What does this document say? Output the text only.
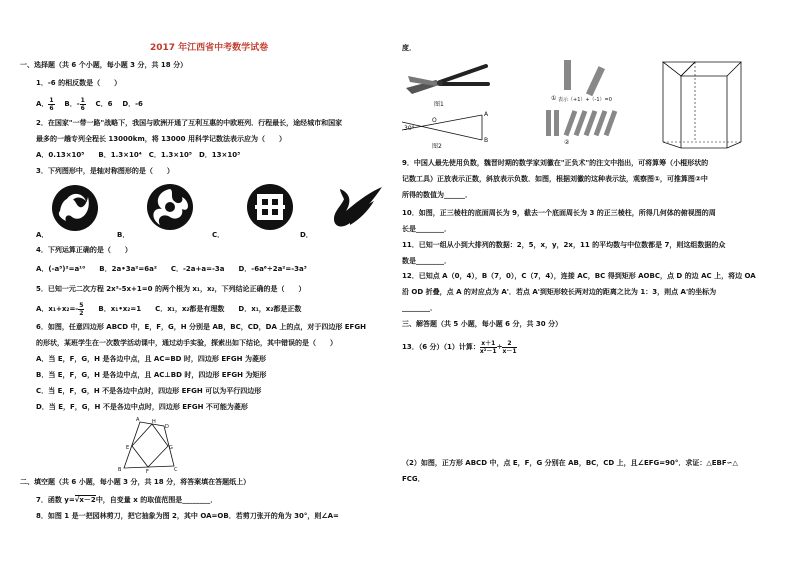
2017 年江西省中考数学试卷
一、选择题（共 6 个小题，每小题 3 分，共 18 分）
1．-6 的相反数是（　　）
A． $\frac{1}{6}$ B．- $\frac{1}{6}$ C．6 D．-6
2．在国家"一带一路"战略下，我国与欧洲开通了互利互惠的中欧班列．行程最长，途经城市和国家
最多的一趟专列全程长 13000km，将 13000 用科学记数法表示应为（　　）
A．0.13×10⁵　　B．1.3×10⁴　C．1.3×10⁵　D．13×10³
3．下列图形中，是轴对称图形的是（　　）
A．	B．	C．	D．
4．下列运算正确的是（　　）
A．(-a⁵)²=a¹⁰　　B．2a•3a²=6a²　　C．-2a+a=-3a　　D．-6a⁶÷2a²=-3a³
5．已知一元二次方程 2x²-5x+1=0 的两个根为 x₁，x₂，下列结论正确的是（　　）
A．$x_1+x_2=- \frac{5}{2}$ 　　B．x₁•x₂=1　　C．x₁，x₂都是有理数　　D．x₁，x₂都是正数
6．如图，任意四边形 ABCD 中，E，F，G，H 分别是 AB，BC，CD，DA 上的点，对于四边形 EFGH
的形状，某班学生在一次数学活动课中，通过动手实验，探索出如下结论，其中错误的是（　　）
A．当 E，F，G，H 是各边中点，且 AC=BD 时，四边形 EFGH 为菱形
B．当 E，F，G，H 是各边中点，且 AC⊥BD 时，四边形 EFGH 为矩形
C．当 E，F，G，H 不是各边中点时，四边形 EFGH 可以为平行四边形
D．当 E，F，G，H 不是各边中点时，四边形 EFGH 不可能为菱形
A	H
D
E	G
B	F	C
二、填空题（共 6 小题，每小题 3 分，共 18 分，将答案填在答题纸上）
7．函数 y=√x－2中，自变量 x 的取值范围是________．
8．如图 1 是一把园林剪刀，把它抽象为图 2，其中 OA=OB．若剪刀张开的角为 30°，则∠A=
度．
图1
30°
O
A
B
图2
① 表示（+1）+（-1）=0
②
9．中国人最先使用负数，魏晋时期的数学家刘徽在"正负术"的注文中指出，可将算筹（小棍形状的
记数工具）正放表示正数，斜放表示负数．如图，根据刘徽的这种表示法，观察图①，可推算图②中
所得的数值为______．
10．如图，正三棱柱的底面周长为 9，截去一个底面周长为 3 的正三棱柱，所得几何体的俯视图的周
长是________．
11．已知一组从小到大排列的数据：2，5，x，y，2x，11 的平均数与中位数都是 7，则这组数据的众
数是________．
12．已知点 A（0，4），B（7，0），C（7，4），连接 AC，BC 得到矩形 AOBC，点 D 的边 AC 上，将边 OA
沿 OD 折叠，点 A 的对应点为 A'．若点 A'到矩形较长两对边的距离之比为 1：3，则点 A'的坐标为
________．
三、解答题（共 5 小题，每小题 6 分，共 30 分）
13．（6 分）（1）计算： $\frac{x+1}{\text{x²－1}} \div \frac{2}{x-1}$
（2）如图，正方形 ABCD 中，点 E，F，G 分别在 AB，BC，CD 上，且∠EFG=90°．求证：△EBF∽△
FCG．
